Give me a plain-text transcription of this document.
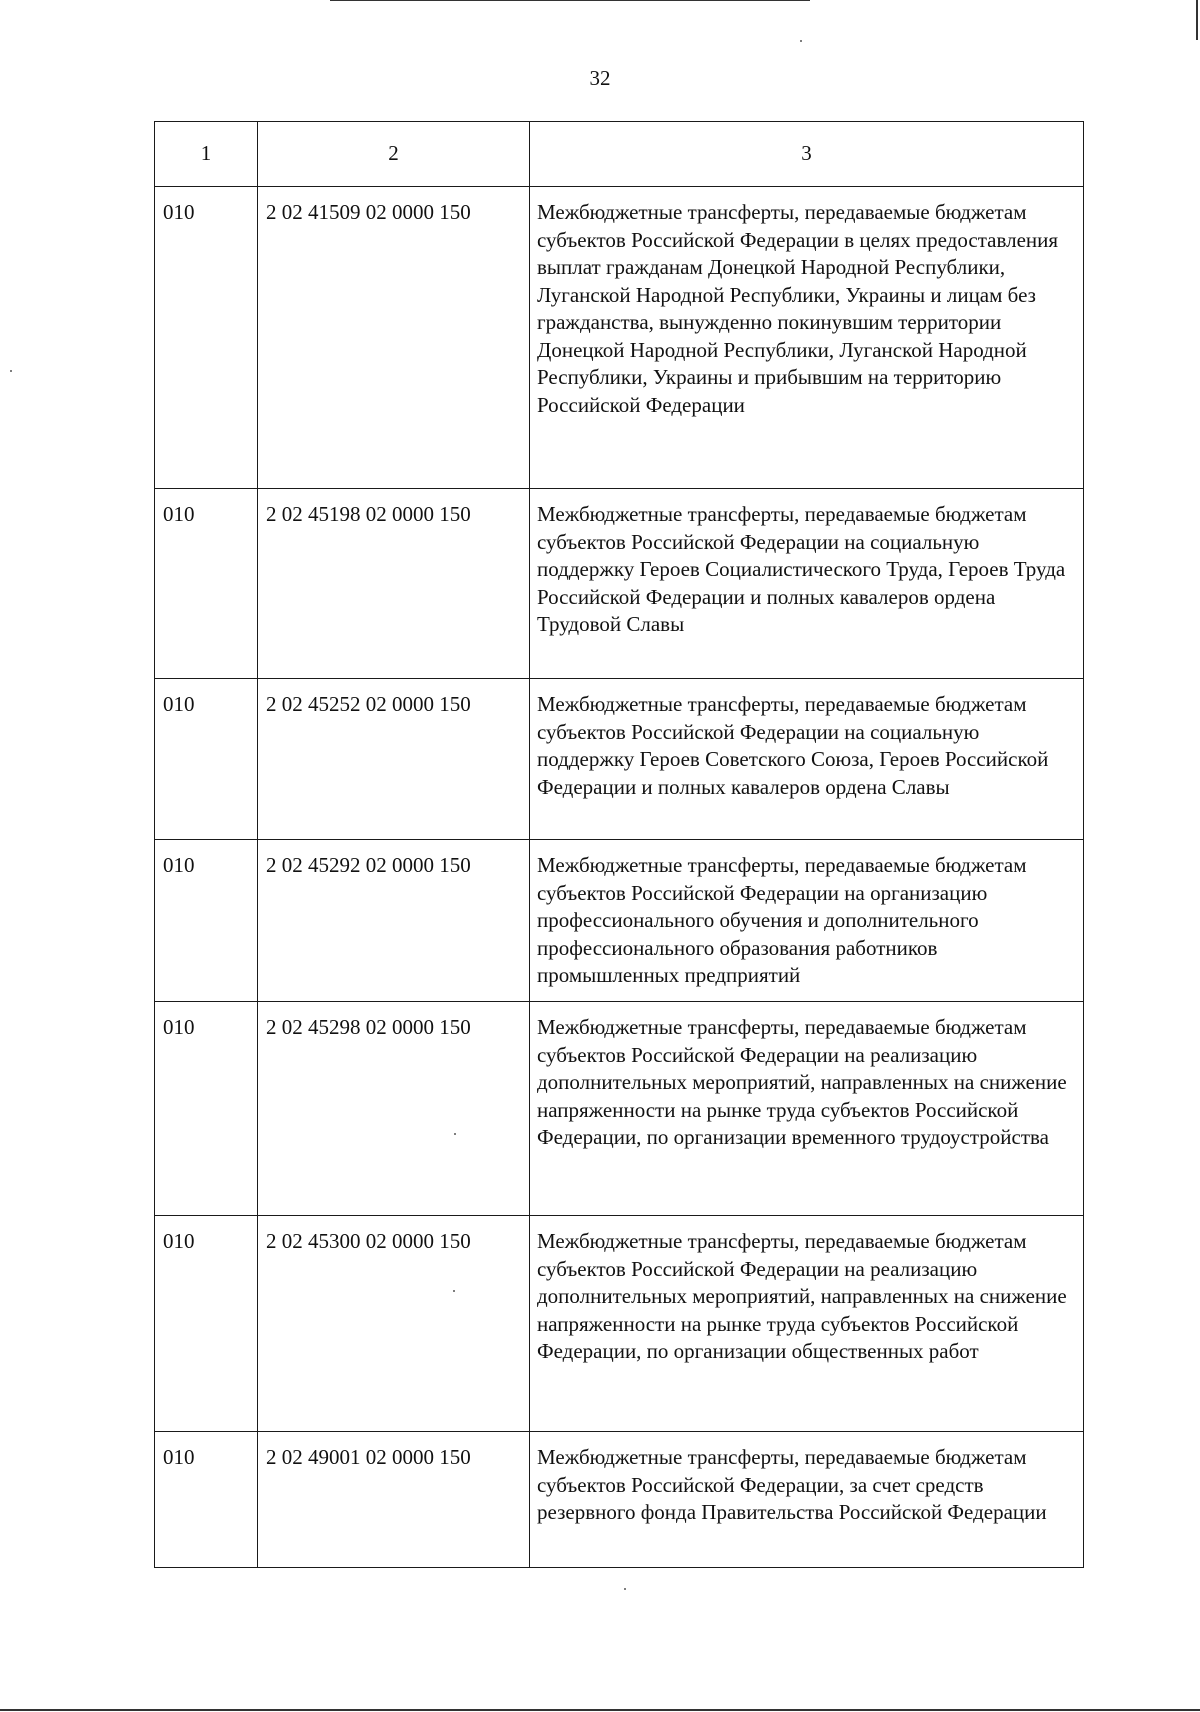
32
1	2	3
010	2 02 41509 02 0000 150	Межбюджетные трансферты, передаваемые бюджетам субъектов Российской Федерации в целях предоставления выплат гражданам Донецкой Народной Республики, Луганской Народной Республики, Украины и лицам без гражданства, вынужденно покинувшим территории Донецкой Народной Республики, Луганской Народной Республики, Украины и прибывшим на территорию Российской Федерации
010	2 02 45198 02 0000 150	Межбюджетные трансферты, передаваемые бюджетам субъектов Российской Федерации на социальную поддержку Героев Социалистического Труда, Героев Труда Российской Федерации и полных кавалеров ордена Трудовой Славы
010	2 02 45252 02 0000 150	Межбюджетные трансферты, передаваемые бюджетам субъектов Российской Федерации на социальную поддержку Героев Советского Союза, Героев Российской Федерации и полных кавалеров ордена Славы
010	2 02 45292 02 0000 150	Межбюджетные трансферты, передаваемые бюджетам субъектов Российской Федерации на организацию профессионального обучения и дополнительного профессионального образования работников промышленных предприятий
010	2 02 45298 02 0000 150	Межбюджетные трансферты, передаваемые бюджетам субъектов Российской Федерации на реализацию дополнительных мероприятий, направленных на снижение напряженности на рынке труда субъектов Российской Федерации, по организации временного трудоустройства
010	2 02 45300 02 0000 150	Межбюджетные трансферты, передаваемые бюджетам субъектов Российской Федерации на реализацию дополнительных мероприятий, направленных на снижение напряженности на рынке труда субъектов Российской Федерации, по организации общественных работ
010	2 02 49001 02 0000 150	Межбюджетные трансферты, передаваемые бюджетам субъектов Российской Федерации, за счет средств резервного фонда Правительства Российской Федерации
